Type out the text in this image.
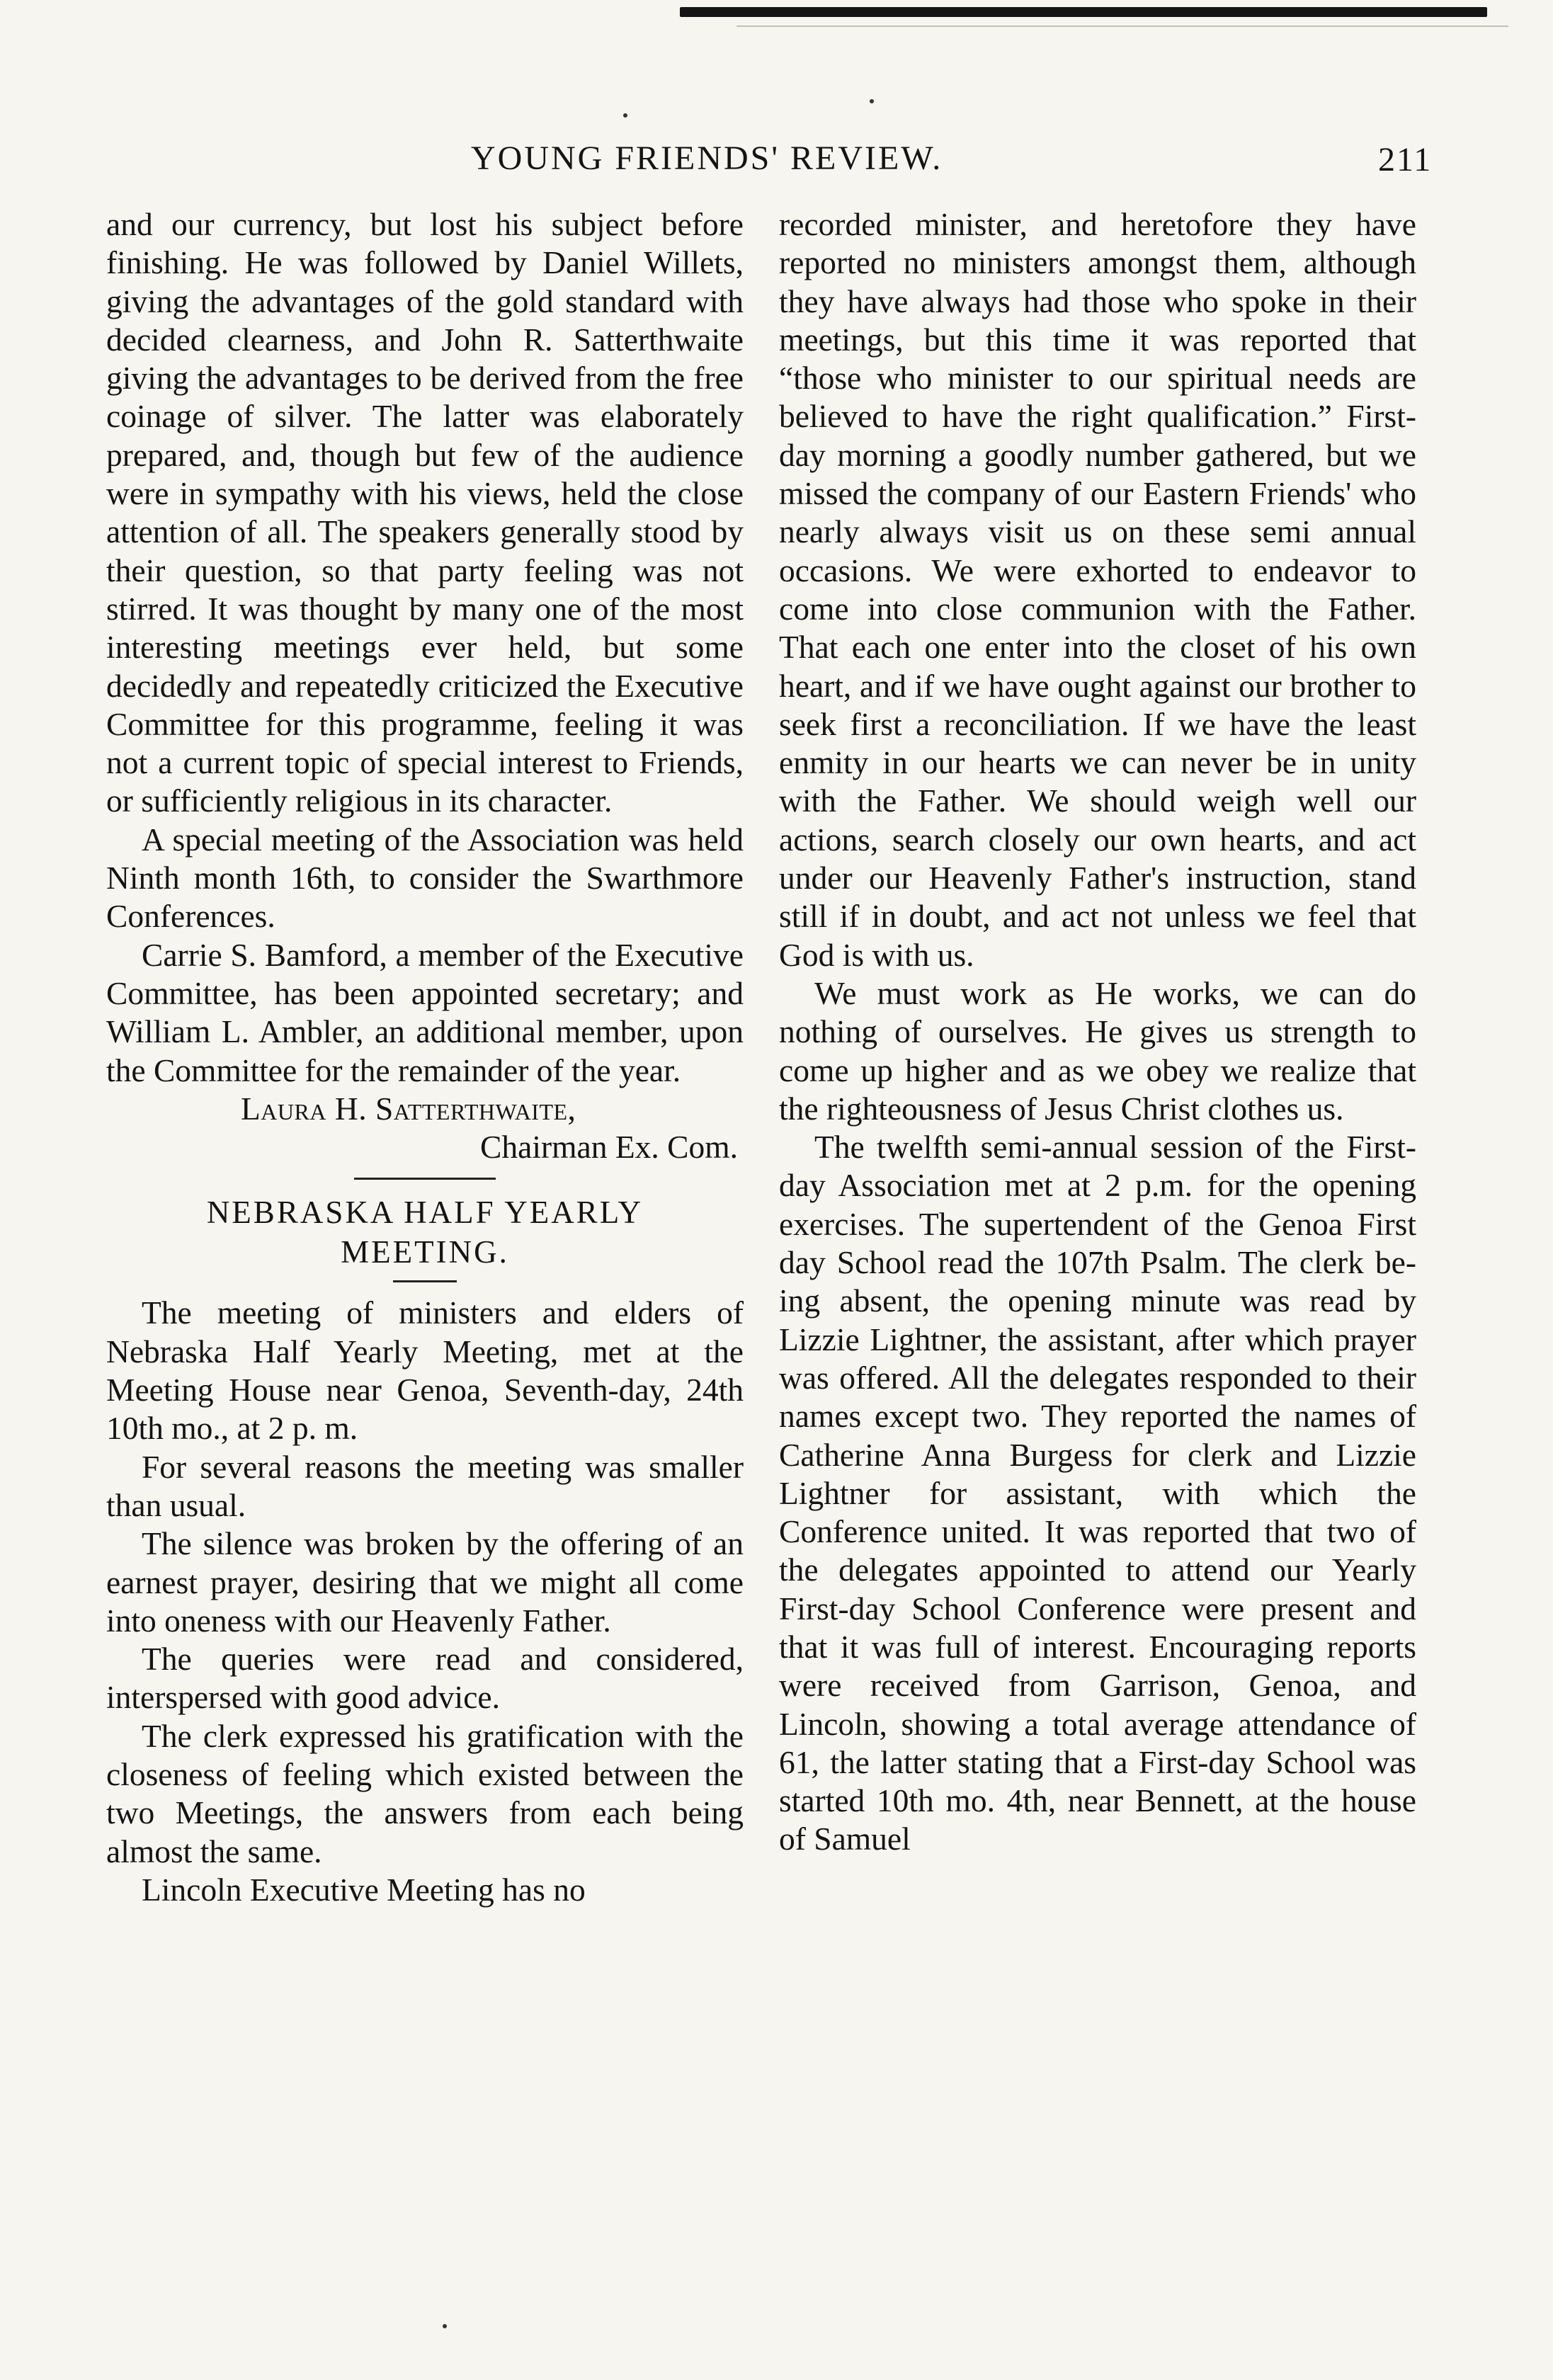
YOUNG FRIENDS' REVIEW.	211

and our currency, but lost his subject before finishing. He was followed by Daniel Willets, giving the advantages of the gold standard with decided clearness, and John R. Satterthwaite giving the advantages to be derived from the free coinage of silver. The latter was elaborately prepared, and, though but few of the audience were in sympathy with his views, held the close attention of all. The speakers generally stood by their question, so that party feeling was not stirred. It was thought by many one of the most interesting meetings ever held, but some decidedly and repeatedly criticized the Executive Committee for this programme, feeling it was not a current topic of special interest to Friends, or sufficiently religious in its character.

A special meeting of the Association was held Ninth month 16th, to consider the Swarthmore Conferences.

Carrie S. Bamford, a member of the Executive Committee, has been appointed secretary; and William L. Ambler, an additional member, upon the Committee for the remainder of the year.

Laura H. Satterthwaite,

Chairman Ex. Com.

NEBRASKA HALF YEARLY

MEETING.

The meeting of ministers and elders of Nebraska Half Yearly Meeting, met at the Meeting House near Genoa, Seventh-day, 24th 10th mo., at 2 p. m.

For several reasons the meeting was smaller than usual.

The silence was broken by the offering of an earnest prayer, desiring that we might all come into oneness with our Heavenly Father.

The queries were read and considered, interspersed with good advice.

The clerk expressed his gratification with the closeness of feeling which existed between the two Meetings, the answers from each being almost the same.

Lincoln Executive Meeting has no

recorded minister, and heretofore they have reported no ministers amongst them, although they have always had those who spoke in their meetings, but this time it was reported that “those who minister to our spiritual needs are believed to have the right qualification.” First-day morning a goodly number gathered, but we missed the company of our Eastern Friends' who nearly always visit us on these semi annual occasions. We were exhorted to endeavor to come into close communion with the Father. That each one enter into the closet of his own heart, and if we have ought against our brother to seek first a reconciliation. If we have the least enmity in our hearts we can never be in unity with the Father. We should weigh well our actions, search closely our own hearts, and act under our Heavenly Father's instruction, stand still if in doubt, and act not unless we feel that God is with us.

We must work as He works, we can do nothing of ourselves. He gives us strength to come up higher and as we obey we realize that the righteousness of Jesus Christ clothes us.

The twelfth semi-annual session of the First-day Association met at 2 p.m. for the opening exercises. The supertendent of the Genoa First day School read the 107th Psalm. The clerk being absent, the opening minute was read by Lizzie Lightner, the assistant, after which prayer was offered. All the delegates responded to their names except two. They reported the names of Catherine Anna Burgess for clerk and Lizzie Lightner for assistant, with which the Conference united. It was reported that two of the delegates appointed to attend our Yearly First-day School Conference were present and that it was full of interest. Encouraging reports were received from Garrison, Genoa, and Lincoln, showing a total average attendance of 61, the latter stating that a First-day School was started 10th mo. 4th, near Bennett, at the house of Samuel
